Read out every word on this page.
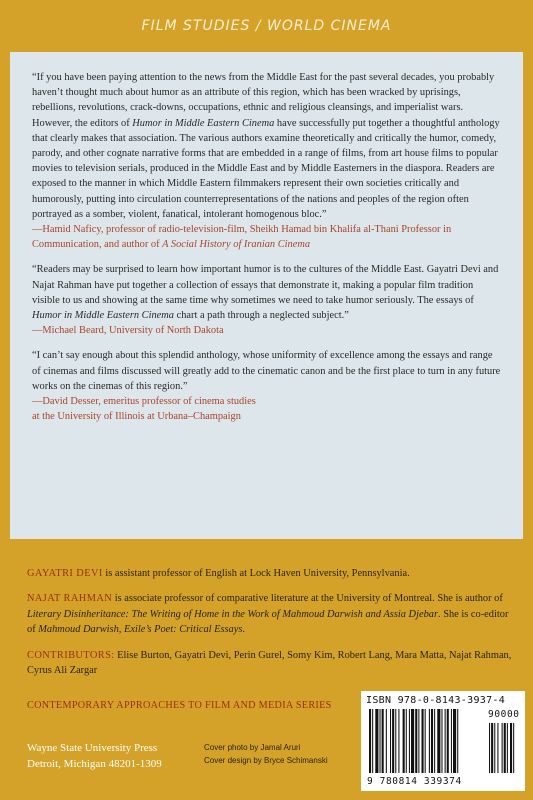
FILM STUDIES / WORLD CINEMA

“If you have been paying attention to the news from the Middle East for the past several decades, you probably haven’t thought much about humor as an attribute of this region, which has been wracked by uprisings, rebellions, revolutions, crack-downs, occupations, ethnic and religious cleansings, and imperialist wars. However, the editors of Humor in Middle Eastern Cinema have successfully put together a thoughtful anthology that clearly makes that association. The various authors examine theoretically and critically the humor, comedy, parody, and other cognate narrative forms that are embedded in a range of films, from art house films to popular movies to television serials, produced in the Middle East and by Middle Easterners in the diaspora. Readers are exposed to the manner in which Middle Eastern filmmakers represent their own societies critically and humorously, putting into circulation counterrepresentations of the nations and peoples of the region often portrayed as a somber, violent, fanatical, intolerant homogenous bloc.”

—Hamid Naficy, professor of radio-television-film, Sheikh Hamad bin Khalifa al-Thani Professor in Communication, and author of A Social History of Iranian Cinema

“Readers may be surprised to learn how important humor is to the cultures of the Middle East. Gayatri Devi and Najat Rahman have put together a collection of essays that demonstrate it, making a popular film tradition visible to us and showing at the same time why sometimes we need to take humor seriously. The essays of Humor in Middle Eastern Cinema chart a path through a neglected subject.”

—Michael Beard, University of North Dakota

“I can’t say enough about this splendid anthology, whose uniformity of excellence among the essays and range of cinemas and films discussed will greatly add to the cinematic canon and be the first place to turn in any future works on the cinemas of this region.”

—David Desser, emeritus professor of cinema studies
at the University of Illinois at Urbana–Champaign

GAYATRI DEVI is assistant professor of English at Lock Haven University, Pennsylvania.

NAJAT RAHMAN is associate professor of comparative literature at the University of Montreal. She is author of Literary Disinheritance: The Writing of Home in the Work of Mahmoud Darwish and Assia Djebar. She is co-editor of Mahmoud Darwish, Exile’s Poet: Critical Essays.

CONTRIBUTORS: Elise Burton, Gayatri Devi, Perin Gurel, Somy Kim, Robert Lang, Mara Matta, Najat Rahman, Cyrus Ali Zargar

CONTEMPORARY APPROACHES TO FILM AND MEDIA SERIES
Wayne State University Press
Detroit, Michigan 48201-1309
Cover photo by Jamal Aruri
Cover design by Bryce Schimanski
ISBN 978-0-8143-3937-4
9 780814 339374
90000
